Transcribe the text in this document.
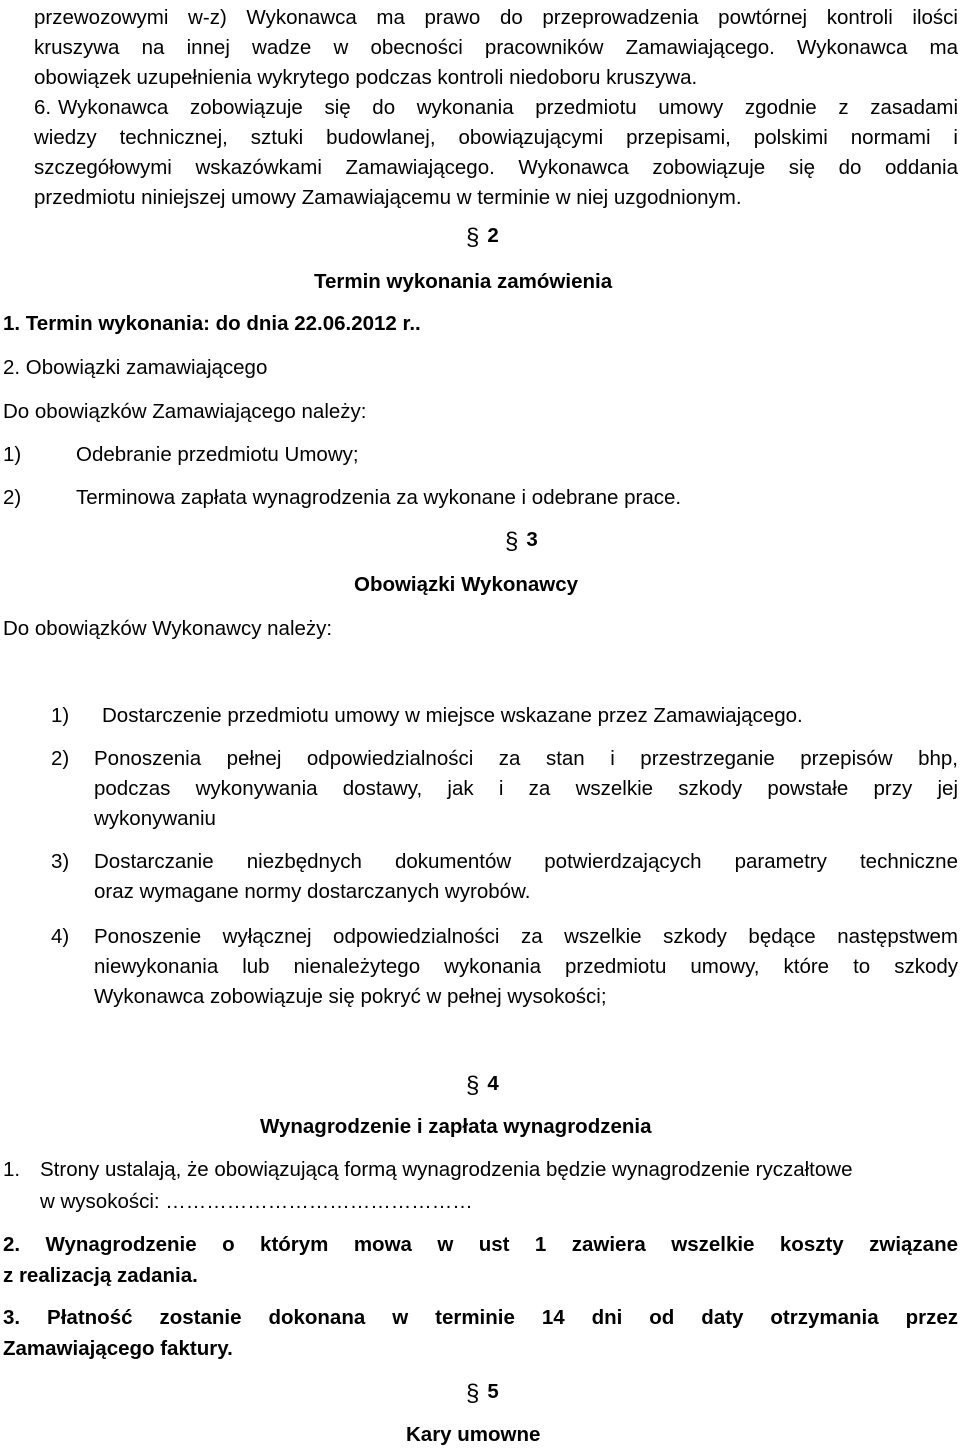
przewozowymi w-z) Wykonawca ma prawo do przeprowadzenia powtórnej kontroli ilości
kruszywa na innej wadze w obecności pracowników Zamawiającego. Wykonawca ma
obowiązek uzupełnienia wykrytego podczas kontroli niedoboru kruszywa.
6. Wykonawca zobowiązuje się do wykonania przedmiotu umowy zgodnie z zasadami
wiedzy technicznej, sztuki budowlanej, obowiązującymi przepisami, polskimi normami i
szczegółowymi wskazówkami Zamawiającego. Wykonawca zobowiązuje się do oddania
przedmiotu niniejszej umowy Zamawiającemu w terminie w niej uzgodnionym.
§ 2
Termin wykonania zamówienia
1. Termin wykonania: do dnia 22.06.2012 r..
2. Obowiązki zamawiającego
Do obowiązków Zamawiającego należy:
1)	Odebranie przedmiotu Umowy;
2)	Terminowa zapłata wynagrodzenia za wykonane i odebrane prace.
§ 3
Obowiązki Wykonawcy
Do obowiązków Wykonawcy należy:
1) Dostarczenie przedmiotu umowy w miejsce wskazane przez Zamawiającego.
2) Ponoszenia pełnej odpowiedzialności za stan i przestrzeganie przepisów bhp,
podczas wykonywania dostawy, jak i za wszelkie szkody powstałe przy jej
wykonywaniu
3) Dostarczanie niezbędnych dokumentów potwierdzających parametry techniczne
oraz wymagane normy dostarczanych wyrobów.
4) Ponoszenie wyłącznej odpowiedzialności za wszelkie szkody będące następstwem
niewykonania lub nienależytego wykonania przedmiotu umowy, które to szkody
Wykonawca zobowiązuje się pokryć w pełnej wysokości;
§ 4
Wynagrodzenie i zapłata wynagrodzenia
1. Strony ustalają, że obowiązującą formą wynagrodzenia będzie wynagrodzenie ryczałtowe
w wysokości: ………………………………………
2. Wynagrodzenie o którym mowa w ust 1 zawiera wszelkie koszty związane
z realizacją zadania.
3. Płatność zostanie dokonana w terminie 14 dni od daty otrzymania przez
Zamawiającego faktury.
§ 5
Kary umowne
